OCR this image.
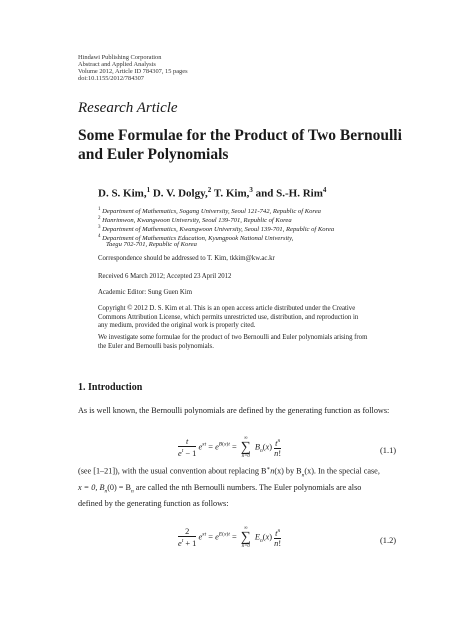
Hindawi Publishing Corporation
Abstract and Applied Analysis
Volume 2012, Article ID 784307, 15 pages
doi:10.1155/2012/784307
Research Article
Some Formulae for the Product of Two Bernoulli
and Euler Polynomials
D. S. Kim,$^1$ D. V. Dolgy,$^2$ T. Kim,$^3$ and S.-H. Rim$^4$
$^1$ Department of Mathematics, Sogang University, Seoul 121-742, Republic of Korea
$^2$ Hanrimwon, Kwangwoon University, Seoul 139-701, Republic of Korea
$^3$ Department of Mathematics, Kwangwoon University, Seoul 139-701, Republic of Korea
$^4$ Department of Mathematics Education, Kyungpook National University,
Taegu 702-701, Republic of Korea
Correspondence should be addressed to T. Kim, tkkim@kw.ac.kr
Received 6 March 2012; Accepted 23 April 2012
Academic Editor: Sung Guen Kim
Copyright © 2012 D. S. Kim et al. This is an open access article distributed under the Creative
Commons Attribution License, which permits unrestricted use, distribution, and reproduction in
any medium, provided the original work is properly cited.
We investigate some formulae for the product of two Bernoulli and Euler polynomials arising from
the Euler and Bernoulli basis polynomials.
1. Introduction
As is well known, the Bernoulli polynomials are defined by the generating function as follows:
$\frac{t}{e^t - 1} e^{xt} = e^{B(x)t}$ =
∞
∑
n=0
$B_n(x) \frac{t^n}{n!}$	(1.1)
(see [1–21]), with the usual convention about replacing B∗n(x) by $B_n(x)$. In the special case,
x = 0, $B_n(0) = B_n$ are called the nth Bernoulli numbers. The Euler polynomials are also
defined by the generating function as follows:
$\frac{2}{e^t + 1} e^{xt} = e^{E(x)t}$ =
∞
∑
n=0
$E_n(x) \frac{t^n}{n!}$	(1.2)
